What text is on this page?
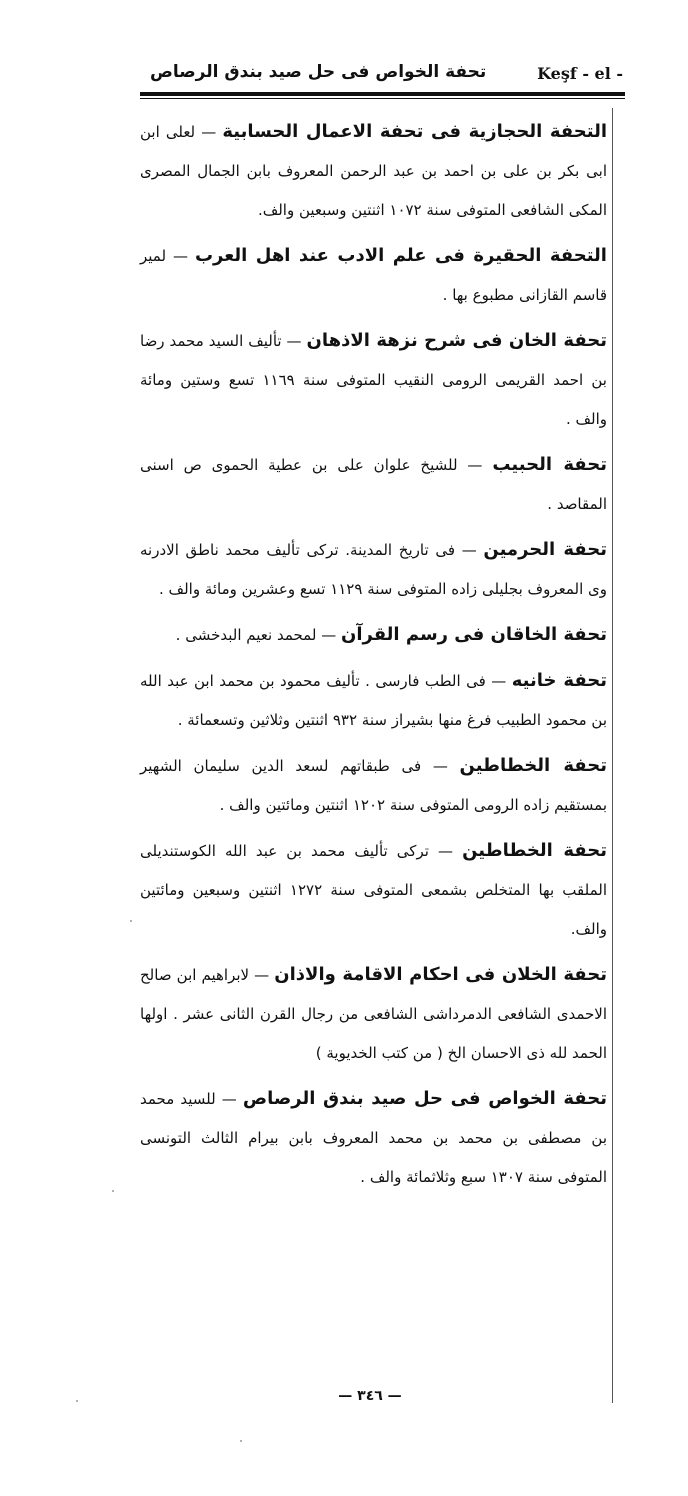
تحفة الخواص فى حل صيد بندق الرصاص	Keşf - el -

التحفة الحجازية فى تحفة الاعمال الحسابية — لعلى ابن ابى بكر بن على بن احمد بن عبد الرحمن المعروف بابن الجمال المصرى المكى الشافعى المتوفى سنة ١٠٧٢ اثنتين وسبعين والف.

التحفة الحقيرة فى علم الادب عند اهل العرب — لمير قاسم القازانى مطبوع بها .

تحفة الخان فى شرح نزهة الاذهان — تأليف السيد محمد رضا بن احمد القريمى الرومى النقيب المتوفى سنة ١١٦٩ تسع وستين ومائة والف .

تحفة الحبيب — للشيخ علوان على بن عطية الحموى ص اسنى المقاصد .

تحفة الحرمين — فى تاريخ المدينة. تركى تأليف محمد ناطق الادرنه وى المعروف بجليلى زاده المتوفى سنة ١١٢٩ تسع وعشرين ومائة والف .

تحفة الخاقان فى رسم القرآن — لمحمد نعيم البدخشى .

تحفة خانيه — فى الطب فارسى . تأليف محمود بن محمد ابن عبد الله بن محمود الطبيب فرغ منها بشيراز سنة ٩٣٢ اثنتين وثلاثين وتسعمائة .

تحفة الخطاطين — فى طبقاتهم لسعد الدين سليمان الشهير بمستقيم زاده الرومى المتوفى سنة ١٢٠٢ اثنتين ومائتين والف .

تحفة الخطاطين — تركى تأليف محمد بن عبد الله الكوستنديلى الملقب بها المتخلص بشمعى المتوفى سنة ١٢٧٢ اثنتين وسبعين ومائتين والف.

تحفة الخلان فى احكام الاقامة والاذان — لابراهيم ابن صالح الاحمدى الشافعى الدمرداشى الشافعى من رجال القرن الثانى عشر . اولها الحمد لله ذى الاحسان الخ ( من كتب الخديوية )

تحفة الخواص فى حل صيد بندق الرصاص — للسيد محمد بن مصطفى بن محمد بن محمد المعروف بابن بيرام الثالث التونسى المتوفى سنة ١٣٠٧ سبع وثلاثمائة والف .

— ٣٤٦ —
